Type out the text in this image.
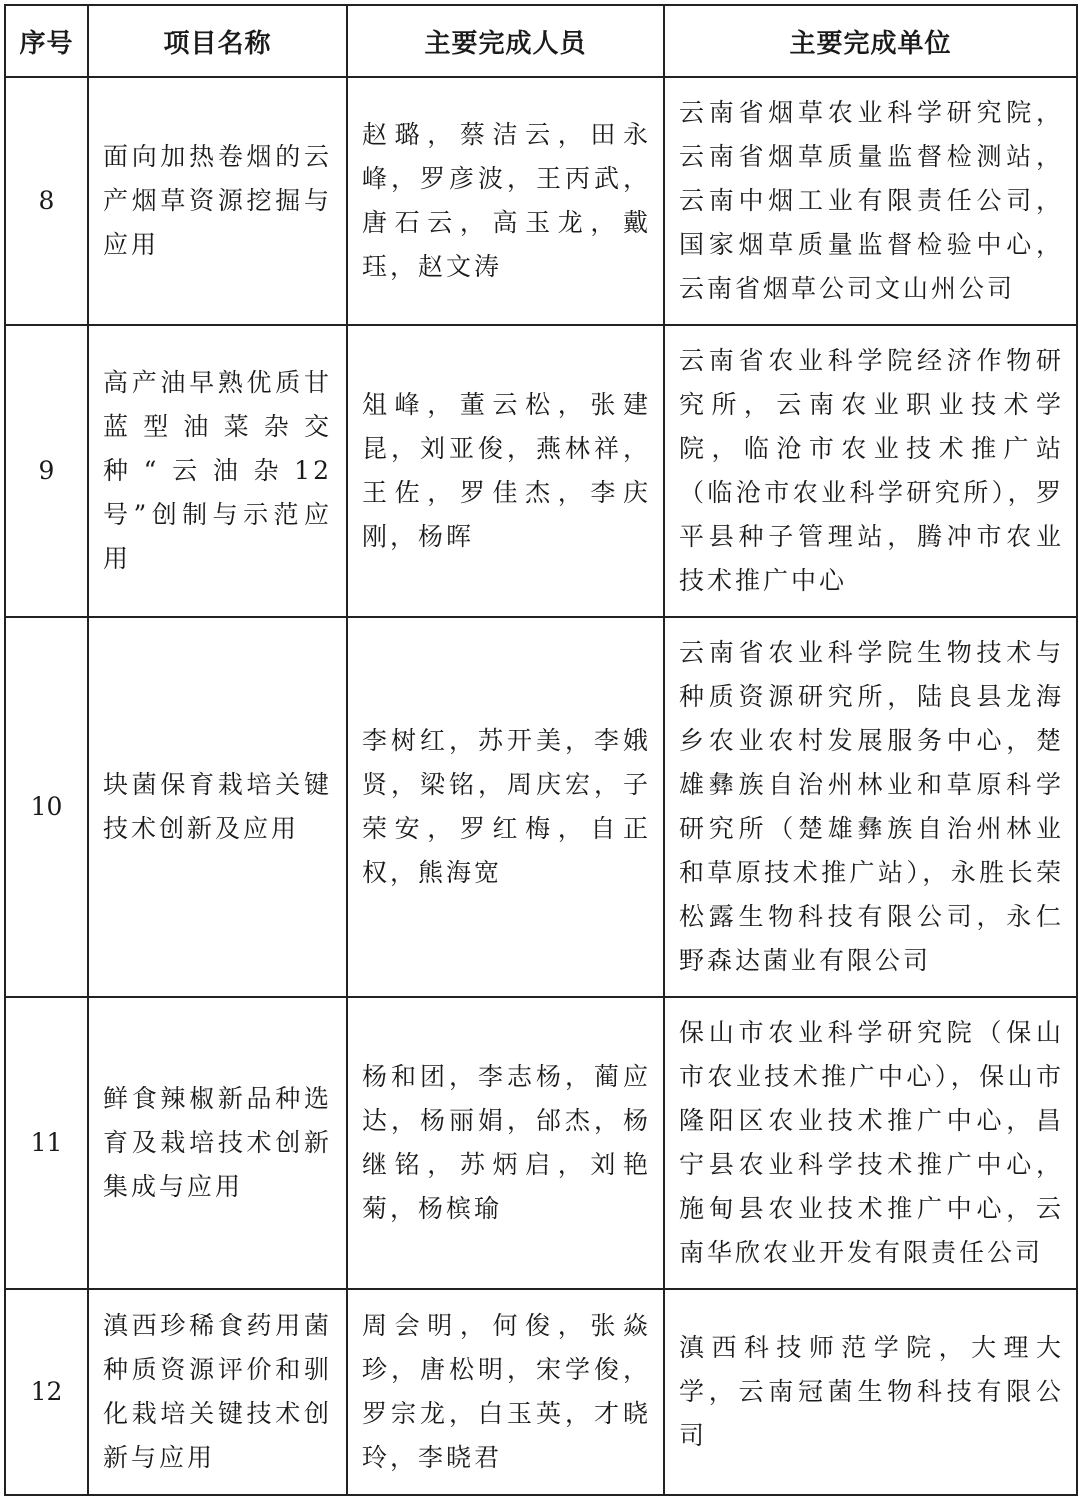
序号	项目名称	主要完成人员	主要完成单位
8	面向加热卷烟的云产烟草资源挖掘与应用	赵璐，蔡洁云，田永峰，罗彦波，王丙武，唐石云，高玉龙，戴珏，赵文涛	云南省烟草农业科学研究院，云南省烟草质量监督检测站，云南中烟工业有限责任公司，国家烟草质量监督检验中心，云南省烟草公司文山州公司
9	高产油早熟优质甘蓝型油菜杂交种“云油杂12号”创制与示范应用	俎峰，董云松，张建昆，刘亚俊，燕林祥，王佐，罗佳杰，李庆刚，杨晖	云南省农业科学院经济作物研究所，云南农业职业技术学院，临沧市农业技术推广站（临沧市农业科学研究所），罗平县种子管理站，腾冲市农业技术推广中心
10	块菌保育栽培关键技术创新及应用	李树红，苏开美，李娥贤，梁铭，周庆宏，子荣安，罗红梅，自正权，熊海宽	云南省农业科学院生物技术与种质资源研究所，陆良县龙海乡农业农村发展服务中心，楚雄彝族自治州林业和草原科学研究所（楚雄彝族自治州林业和草原技术推广站），永胜长荣松露生物科技有限公司，永仁野森达菌业有限公司
11	鲜食辣椒新品种选育及栽培技术创新集成与应用	杨和团，李志杨，蔺应达，杨丽娟，邰杰，杨继铭，苏炳启，刘艳菊，杨槟瑜	保山市农业科学研究院（保山市农业技术推广中心），保山市隆阳区农业技术推广中心，昌宁县农业科学技术推广中心，施甸县农业技术推广中心，云南华欣农业开发有限责任公司
12	滇西珍稀食药用菌种质资源评价和驯化栽培关键技术创新与应用	周会明，何俊，张焱珍，唐松明，宋学俊，罗宗龙，白玉英，才晓玲，李晓君	滇西科技师范学院，大理大学，云南冠菌生物科技有限公司
